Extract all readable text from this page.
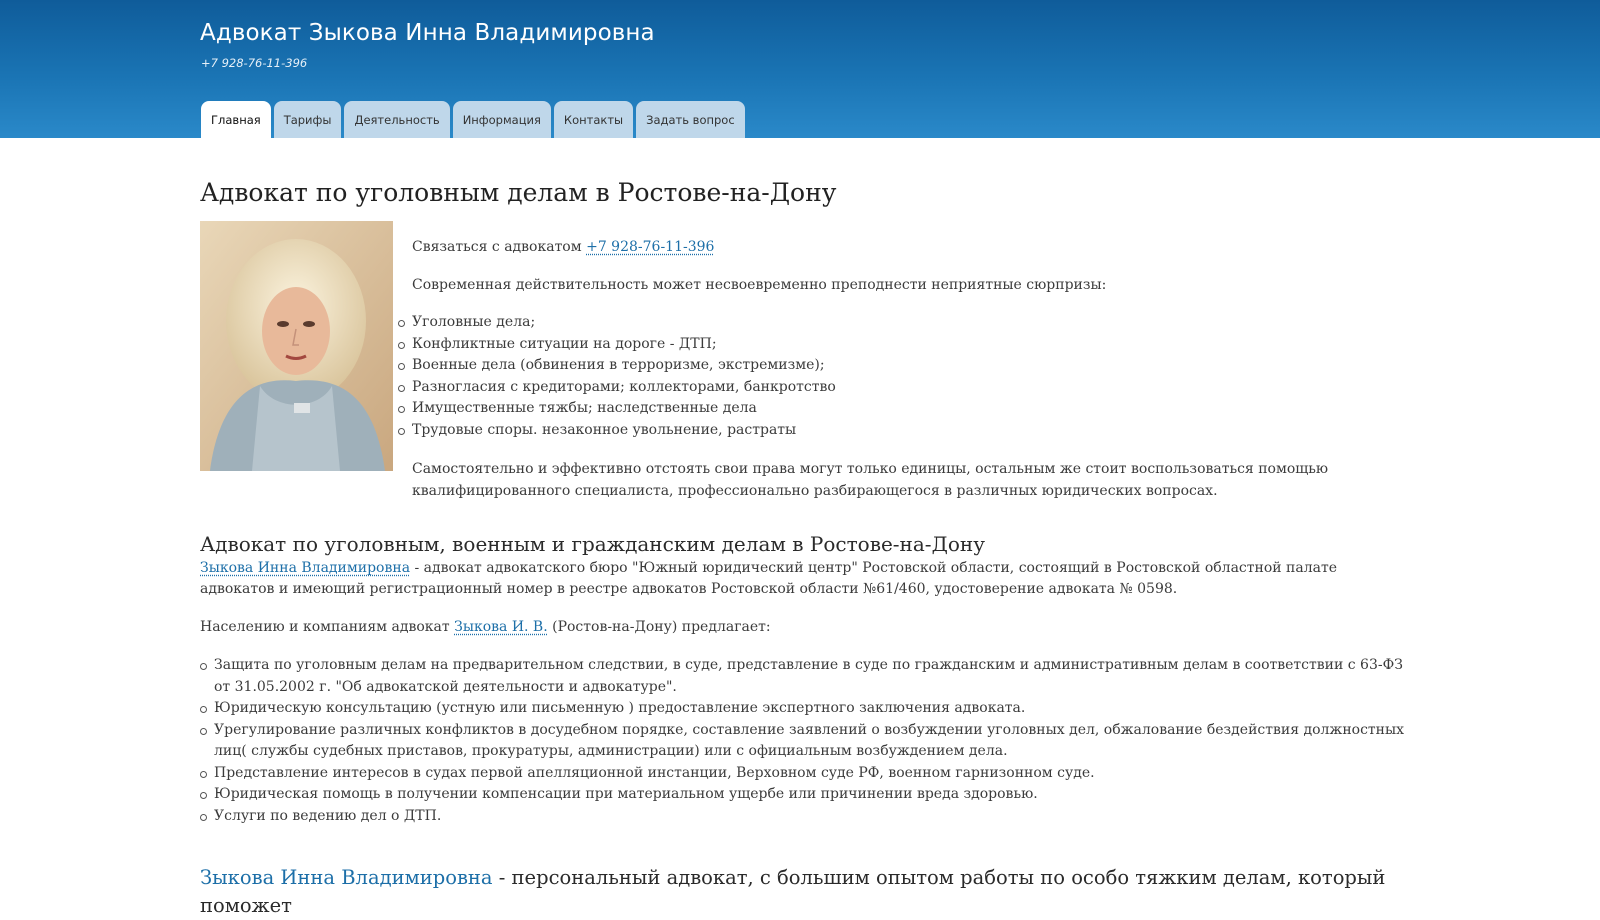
Адвокат Зыкова Инна Владимировна
+7 928-76-11-396
Главная	Тарифы	Деятельность	Информация	Контакты	Задать вопрос
Адвокат по уголовным делам в Ростове-на-Дону

Связаться с адвокатом +7 928-76-11-396

Современная действительность может несвоевременно преподнести неприятные сюрпризы:

Уголовные дела;
Конфликтные ситуации на дороге - ДТП;
Военные дела (обвинения в терроризме, экстремизме);
Разногласия с кредиторами; коллекторами, банкротство
Имущественные тяжбы; наследственные дела
Трудовые споры. незаконное увольнение, растраты

Самостоятельно и эффективно отстоять свои права могут только единицы, остальным же стоит воспользоваться помощью квалифицированного специалиста, профессионально разбирающегося в различных юридических вопросах.

Адвокат по уголовным, военным и гражданским делам в Ростове-на-Дону

Зыкова Инна Владимировна - адвокат адвокатского бюро "Южный юридический центр" Ростовской области, состоящий в Ростовской областной палате адвокатов и имеющий регистрационный номер в реестре адвокатов Ростовской области №61/460, удостоверение адвоката № 0598.

Населению и компаниям адвокат Зыкова И. В. (Ростов-на-Дону) предлагает:

Защита по уголовным делам на предварительном следствии, в суде, представление в суде по гражданским и административным делам в соответствии с 63-ФЗ от 31.05.2002 г. "Об адвокатской деятельности и адвокатуре".
Юридическую консультацию (устную или письменную ) предоставление экспертного заключения адвоката.
Урегулирование различных конфликтов в досудебном порядке, составление заявлений о возбуждении уголовных дел, обжалование бездействия должностных лиц( службы судебных приставов, прокуратуры, администрации) или с официальным возбуждением дела.
Представление интересов в судах первой апелляционной инстанции, Верховном суде РФ, военном гарнизонном суде.
Юридическая помощь в получении компенсации при материальном ущербе или причинении вреда здоровью.
Услуги по ведению дел о ДТП.

Зыкова Инна Владимировна - персональный адвокат, с большим опытом работы по особо тяжким делам, который поможет
